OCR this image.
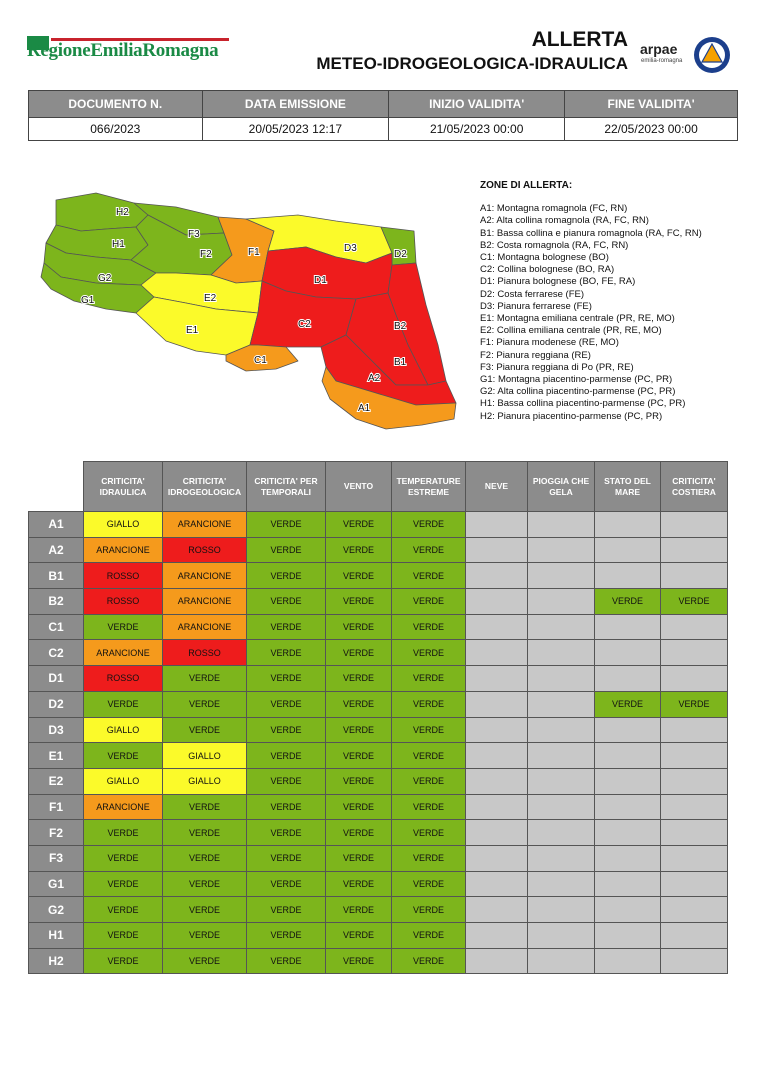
RegioneEmiliaRomagna	ALLERTA
METEO-IDROGEOLOGICA-IDRAULICA
arpae
emilia-romagna
DOCUMENTO N.	DATA EMISSIONE	INIZIO VALIDITA'	FINE VALIDITA'
066/2023	20/05/2023 12:17	21/05/2023 00:00	22/05/2023 00:00
H2
H1
G2
G1
F3
F2	F1
E2
E1
D3
D2
D1
C2
C1
B2
B1
A2
A1
ZONE DI ALLERTA:
A1: Montagna romagnola (FC, RN)
A2: Alta collina romagnola (RA, FC, RN)
B1: Bassa collina e pianura romagnola (RA, FC, RN)
B2: Costa romagnola (RA, FC, RN)
C1: Montagna bolognese (BO)
C2: Collina bolognese (BO, RA)
D1: Pianura bolognese (BO, FE, RA)
D2: Costa ferrarese (FE)
D3: Pianura ferrarese (FE)
E1: Montagna emiliana centrale (PR, RE, MO)
E2: Collina emiliana centrale (PR, RE, MO)
F1: Pianura modenese (RE, MO)
F2: Pianura reggiana (RE)
F3: Pianura reggiana di Po (PR, RE)
G1: Montagna piacentino-parmense (PC, PR)
G2: Alta collina piacentino-parmense (PC, PR)
H1: Bassa collina piacentino-parmense (PC, PR)
H2: Pianura piacentino-parmense (PC, PR)
	CRITICITA' IDRAULICA	CRITICITA' IDROGEOLOGICA	CRITICITA' PER TEMPORALI	VENTO	TEMPERATURE ESTREME	NEVE	PIOGGIA CHE GELA	STATO DEL MARE	CRITICITA' COSTIERA
A1	GIALLO	ARANCIONE	VERDE	VERDE	VERDE				
A2	ARANCIONE	ROSSO	VERDE	VERDE	VERDE				
B1	ROSSO	ARANCIONE	VERDE	VERDE	VERDE				
B2	ROSSO	ARANCIONE	VERDE	VERDE	VERDE			VERDE	VERDE
C1	VERDE	ARANCIONE	VERDE	VERDE	VERDE				
C2	ARANCIONE	ROSSO	VERDE	VERDE	VERDE				
D1	ROSSO	VERDE	VERDE	VERDE	VERDE				
D2	VERDE	VERDE	VERDE	VERDE	VERDE			VERDE	VERDE
D3	GIALLO	VERDE	VERDE	VERDE	VERDE				
E1	VERDE	GIALLO	VERDE	VERDE	VERDE				
E2	GIALLO	GIALLO	VERDE	VERDE	VERDE				
F1	ARANCIONE	VERDE	VERDE	VERDE	VERDE				
F2	VERDE	VERDE	VERDE	VERDE	VERDE				
F3	VERDE	VERDE	VERDE	VERDE	VERDE				
G1	VERDE	VERDE	VERDE	VERDE	VERDE				
G2	VERDE	VERDE	VERDE	VERDE	VERDE				
H1	VERDE	VERDE	VERDE	VERDE	VERDE				
H2	VERDE	VERDE	VERDE	VERDE	VERDE				
